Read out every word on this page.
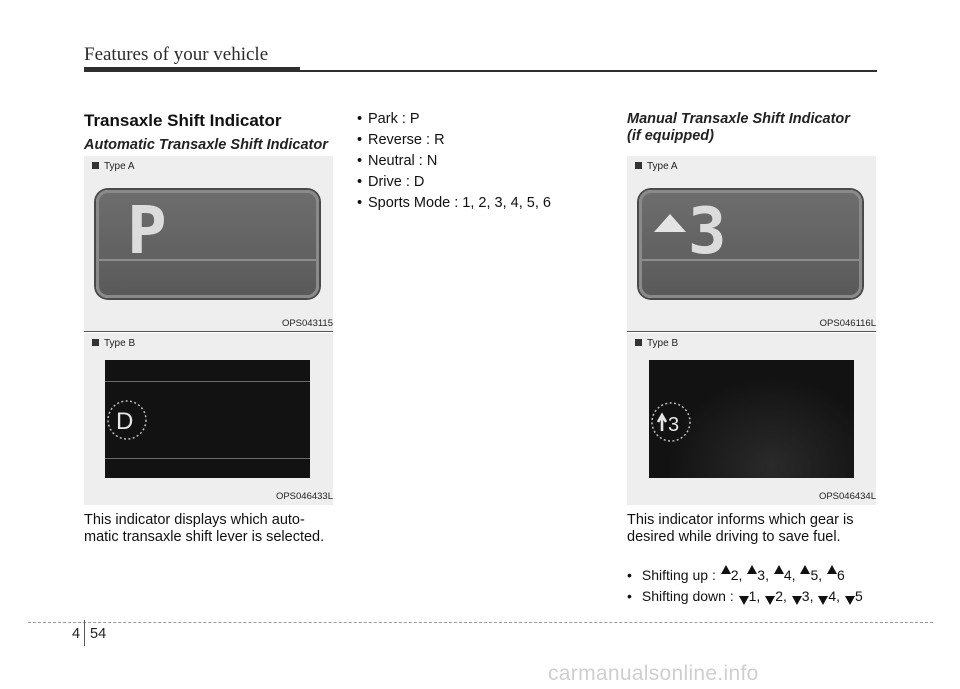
Features of your vehicle
Transaxle Shift Indicator
Automatic Transaxle Shift Indicator
Type A
P
OPS043115
Type B
D
OPS046433L
This indicator displays which auto-
matic transaxle shift lever is selected.
• Park : P
• Reverse : R
• Neutral : N
• Drive : D
• Sports Mode : 1, 2, 3, 4, 5, 6
Manual Transaxle Shift Indicator
(if equipped)
Type A
3
OPS046116L
Type B
3
OPS046434L
This indicator informs which gear is
desired while driving to save fuel.
• Shifting up : 2, 3, 4, 5, 6
• Shifting down : 1, 2, 3, 4, 5
4 54
carmanualsonline.info
